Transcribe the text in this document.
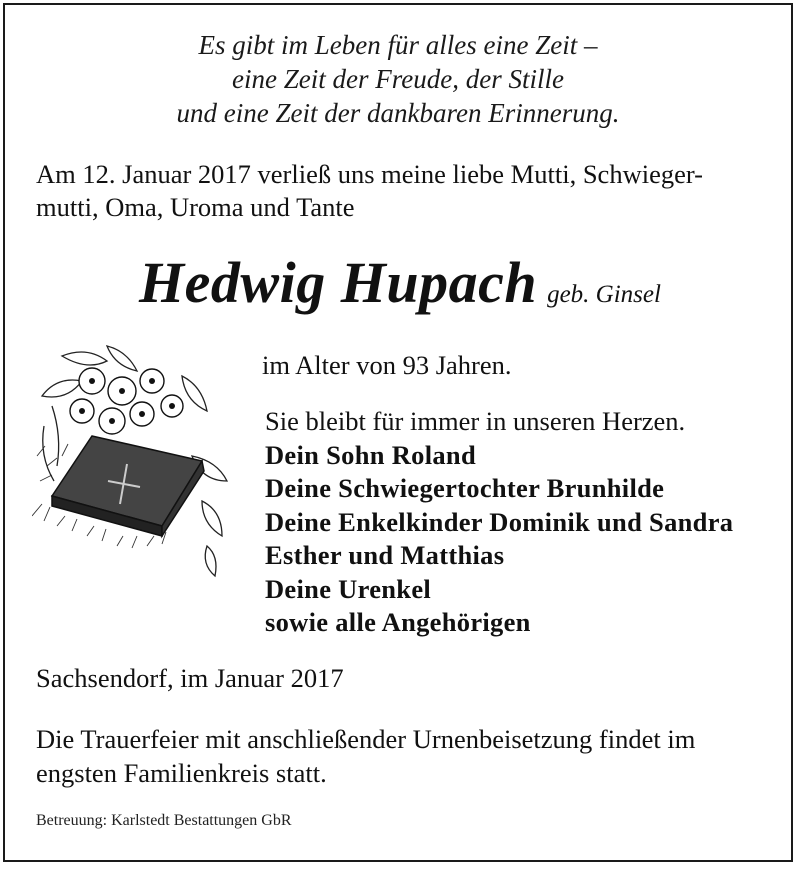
Es gibt im Leben für alles eine Zeit –
eine Zeit der Freude, der Stille
und eine Zeit der dankbaren Erinnerung.
Am 12. Januar 2017 verließ uns meine liebe Mutti, Schwieger-
mutti, Oma, Uroma und Tante
Hedwig Hupach geb. Ginsel
im Alter von 93 Jahren.
Sie bleibt für immer in unseren Herzen.
Dein Sohn Roland
Deine Schwiegertochter Brunhilde
Deine Enkelkinder Dominik und Sandra
Esther und Matthias
Deine Urenkel
sowie alle Angehörigen
Sachsendorf, im Januar 2017
Die Trauerfeier mit anschließender Urnenbeisetzung findet im
engsten Familienkreis statt.
Betreuung: Karlstedt Bestattungen GbR
